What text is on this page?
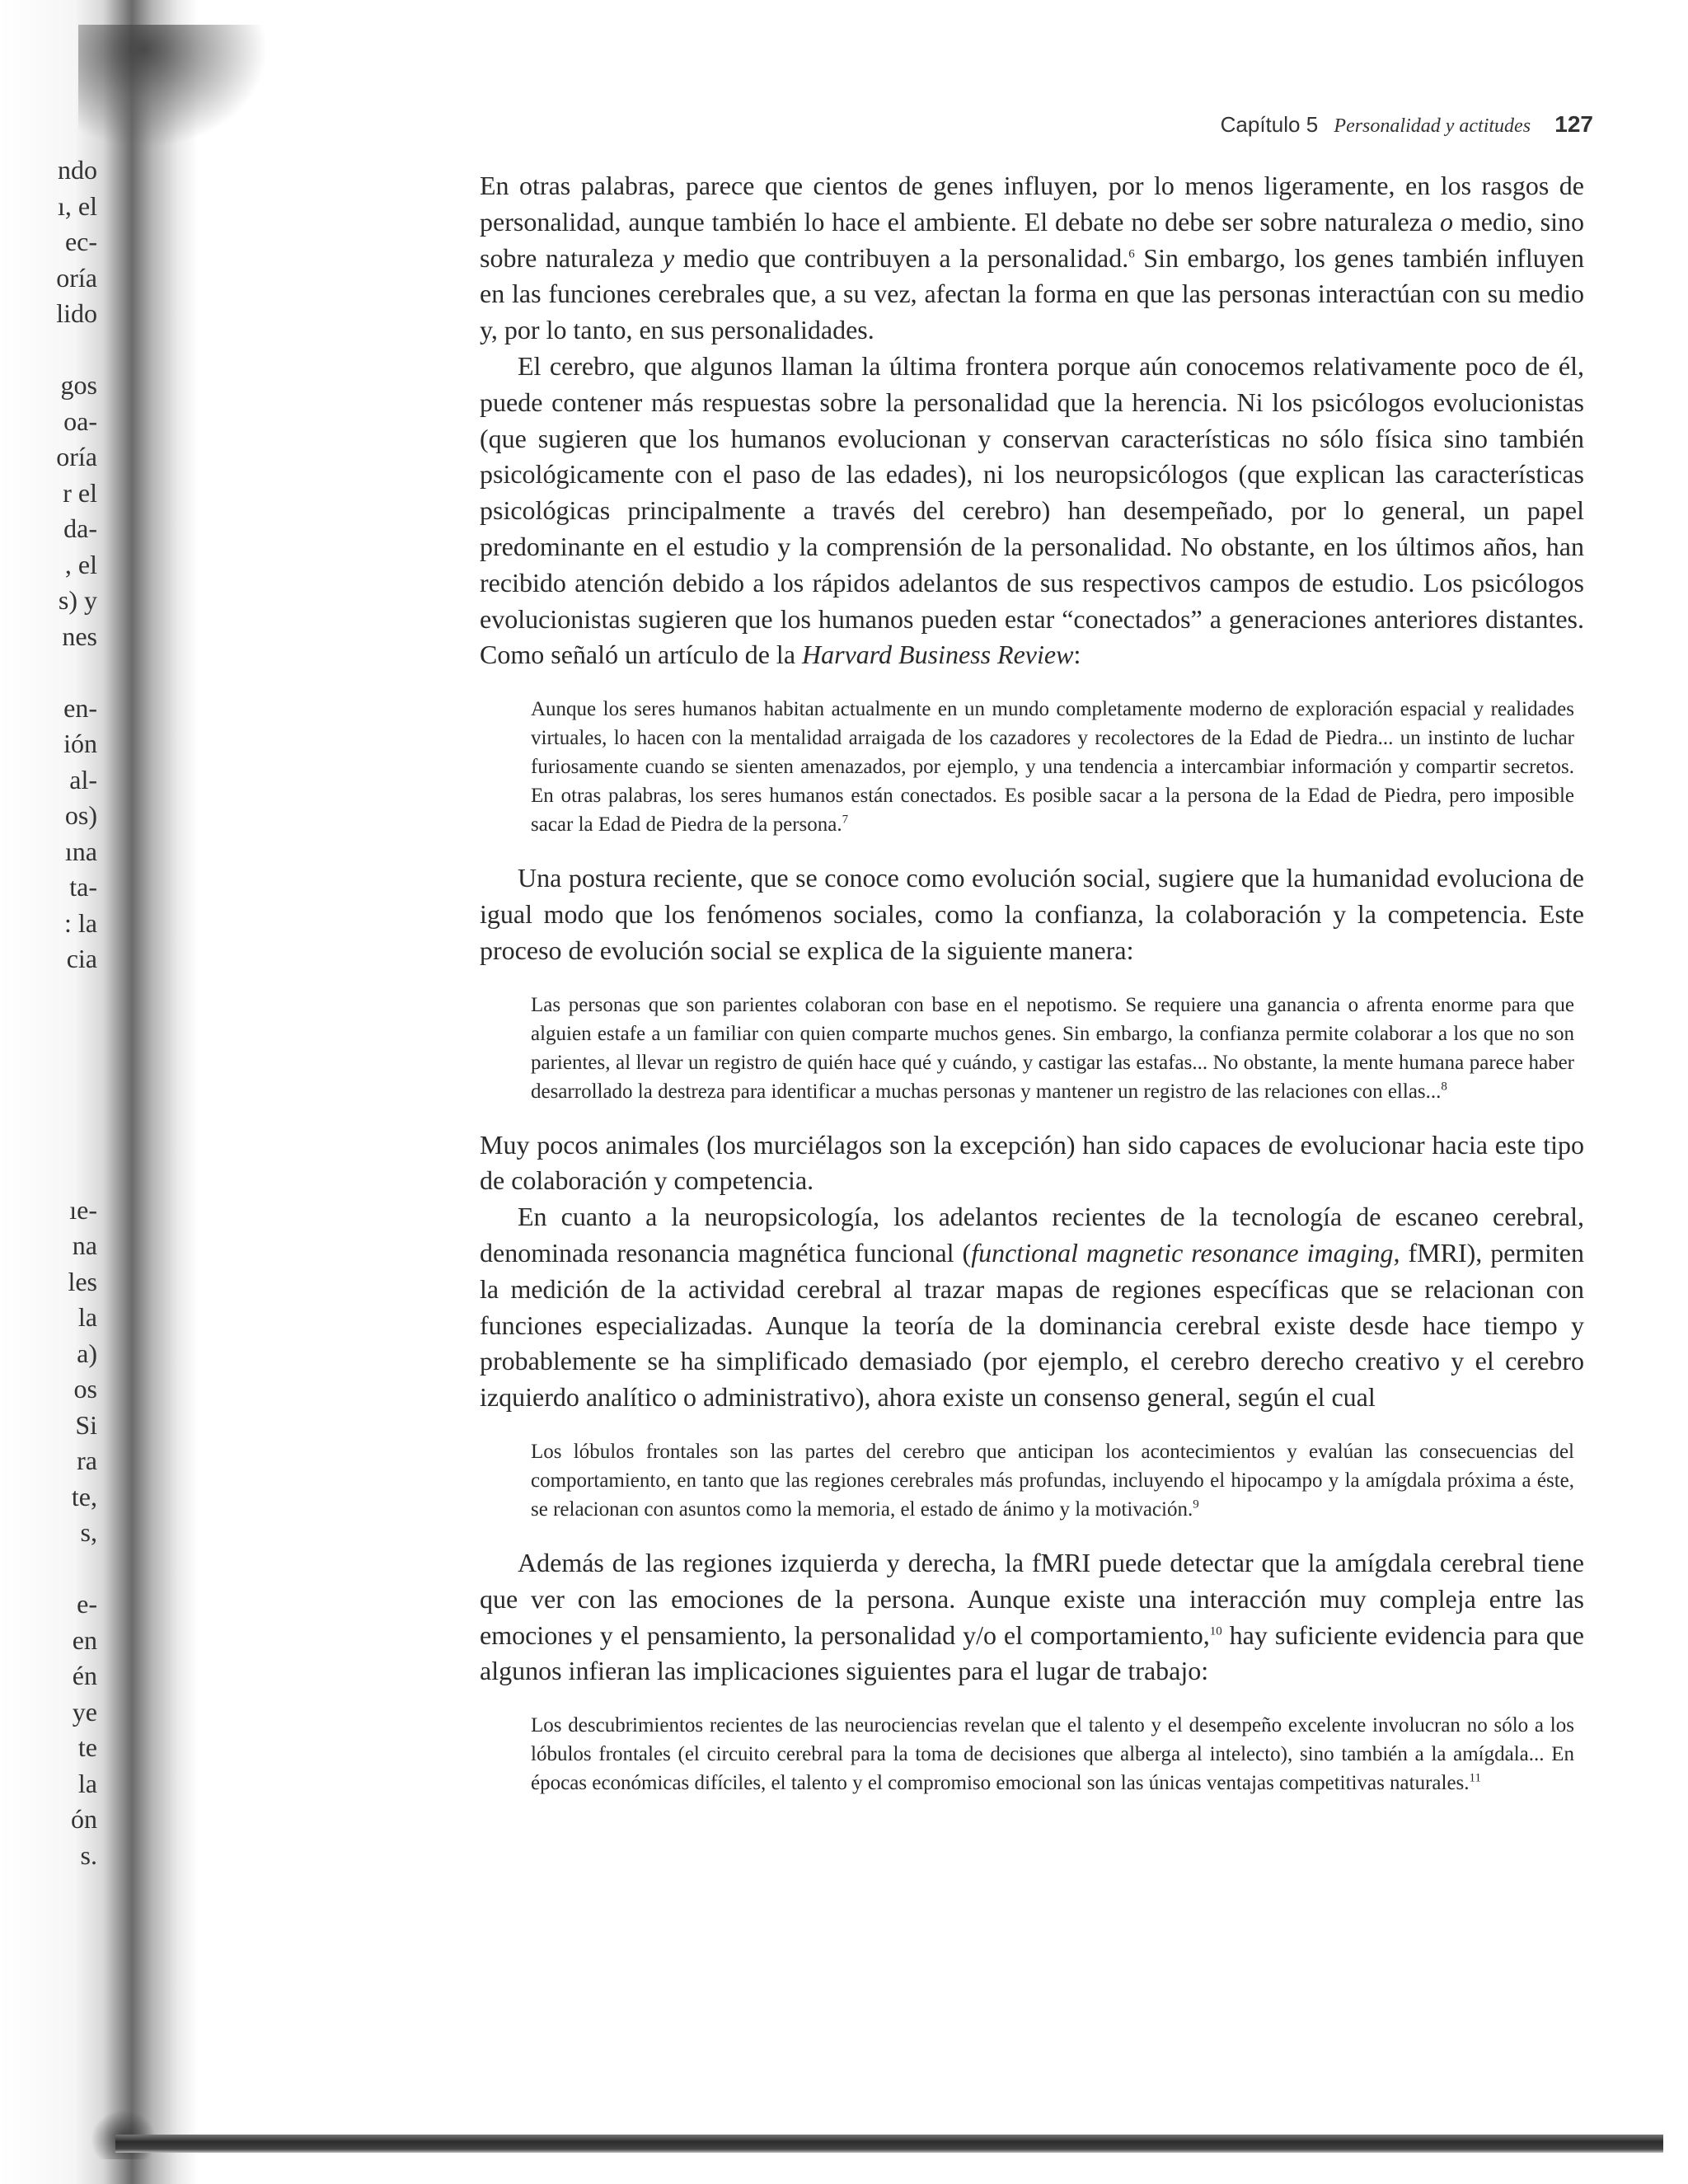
ndo
ı, el
ec-
oría
lido
gos
oa-
oría
r el
da-
, el
s) y
nes
en-
ión
al-
os)
ına
ta-
: la
cia
ıe-
na
les
la
a)
os
Si
ra
te,
s,
e-
en
én
ye
te
la
ón
s.
Capítulo 5 Personalidad y actitudes 127

En otras palabras, parece que cientos de genes influyen, por lo menos ligeramente, en los rasgos de personalidad, aunque también lo hace el ambiente. El debate no debe ser sobre naturaleza o medio, sino sobre naturaleza y medio que contribuyen a la personalidad.$^6$ Sin embargo, los genes también influyen en las funciones cerebrales que, a su vez, afectan la forma en que las personas interactúan con su medio y, por lo tanto, en sus personalidades.

El cerebro, que algunos llaman la última frontera porque aún conocemos relativamente poco de él, puede contener más respuestas sobre la personalidad que la herencia. Ni los psicólogos evolucionistas (que sugieren que los humanos evolucionan y conservan características no sólo física sino también psicológicamente con el paso de las edades), ni los neuropsicólogos (que explican las características psicológicas principalmente a través del cerebro) han desempeñado, por lo general, un papel predominante en el estudio y la comprensión de la personalidad. No obstante, en los últimos años, han recibido atención debido a los rápidos adelantos de sus respectivos campos de estudio. Los psicólogos evolucionistas sugieren que los humanos pueden estar “conectados” a generaciones anteriores distantes. Como señaló un artículo de la Harvard Business Review:

Aunque los seres humanos habitan actualmente en un mundo completamente moderno de exploración espacial y realidades virtuales, lo hacen con la mentalidad arraigada de los cazadores y recolectores de la Edad de Piedra... un instinto de luchar furiosamente cuando se sienten amenazados, por ejemplo, y una tendencia a intercambiar información y compartir secretos. En otras palabras, los seres humanos están conectados. Es posible sacar a la persona de la Edad de Piedra, pero imposible sacar la Edad de Piedra de la persona.$^7$

Una postura reciente, que se conoce como evolución social, sugiere que la humanidad evoluciona de igual modo que los fenómenos sociales, como la confianza, la colaboración y la competencia. Este proceso de evolución social se explica de la siguiente manera:

Las personas que son parientes colaboran con base en el nepotismo. Se requiere una ganancia o afrenta enorme para que alguien estafe a un familiar con quien comparte muchos genes. Sin embargo, la confianza permite colaborar a los que no son parientes, al llevar un registro de quién hace qué y cuándo, y castigar las estafas... No obstante, la mente humana parece haber desarrollado la destreza para identificar a muchas personas y mantener un registro de las relaciones con ellas...$^8$

Muy pocos animales (los murciélagos son la excepción) han sido capaces de evolucionar hacia este tipo de colaboración y competencia.

En cuanto a la neuropsicología, los adelantos recientes de la tecnología de escaneo cerebral, denominada resonancia magnética funcional (functional magnetic resonance imaging, fMRI), permiten la medición de la actividad cerebral al trazar mapas de regiones específicas que se relacionan con funciones especializadas. Aunque la teoría de la dominancia cerebral existe desde hace tiempo y probablemente se ha simplificado demasiado (por ejemplo, el cerebro derecho creativo y el cerebro izquierdo analítico o administrativo), ahora existe un consenso general, según el cual

Los lóbulos frontales son las partes del cerebro que anticipan los acontecimientos y evalúan las consecuencias del comportamiento, en tanto que las regiones cerebrales más profundas, incluyendo el hipocampo y la amígdala próxima a éste, se relacionan con asuntos como la memoria, el estado de ánimo y la motivación.$^9$

Además de las regiones izquierda y derecha, la fMRI puede detectar que la amígdala cerebral tiene que ver con las emociones de la persona. Aunque existe una interacción muy compleja entre las emociones y el pensamiento, la personalidad y/o el comportamiento,$^{10}$ hay suficiente evidencia para que algunos infieran las implicaciones siguientes para el lugar de trabajo:

Los descubrimientos recientes de las neurociencias revelan que el talento y el desempeño excelente involucran no sólo a los lóbulos frontales (el circuito cerebral para la toma de decisiones que alberga al intelecto), sino también a la amígdala... En épocas económicas difíciles, el talento y el compromiso emocional son las únicas ventajas competitivas naturales.$^{11}$
